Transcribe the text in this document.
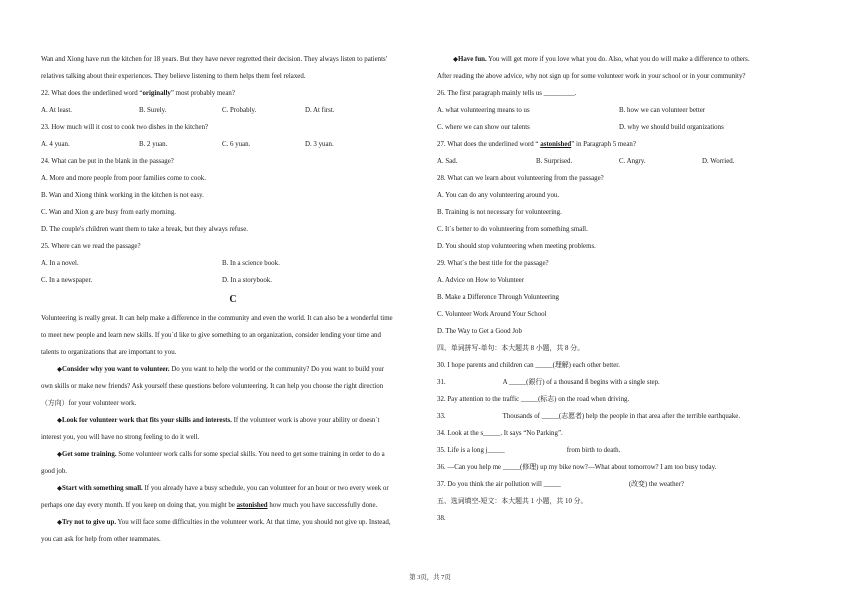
Wan and Xiong have run the kitchen for 18 years. But they have never regretted their decision. They always listen to patients'
relatives talking about their experiences. They believe listening to them helps them feel relaxed.
22. What does the underlined word “originally” most probably mean?
A. At least.	B. Surely.	C. Probably.	D. At first.
23. How much will it cost to cook two dishes in the kitchen?
A. 4 yuan.	B. 2 yuan.	C. 6 yuan.	D. 3 yuan.
24. What can be put in the blank in the passage?
A. More and more people from poor families come to cook.
B. Wan and Xiong think working in the kitchen is not easy.
C. Wan and Xion g are busy from early morning.
D. The couple's children want them to take a break, but they always refuse.
25. Where can we read the passage?
A. In a novel.	B. In a science book.
C. In a newspaper.	D. In a storybook.
C
Volunteering is really great. It can help make a difference in the community and even the world. It can also be a wonderful time
to meet new people and learn new skills. If you`d like to give something to an organization, consider lending your time and
talents to organizations that are important to you.
◆Consider why you want to volunteer. Do you want to help the world or the community? Do you want to build your
own skills or make new friends? Ask yourself these questions before volunteering. It can help you choose the right direction
（方向）for your volunteer work.
◆Look for volunteer work that fits your skills and interests. If the volunteer work is above your ability or doesn`t
interest you, you will have no strong feeling to do it well.
◆Get some training. Some volunteer work calls for some special skills. You need to get some training in order to do a
good job.
◆Start with something small. If you already have a busy schedule, you can volunteer for an hour or two every week or
perhaps one day every month. If you keep on doing that, you might be astonished how much you have successfully done.
◆Try not to give up. You will face some difficulties in the volunteer work. At that time, you should not give up. Instead,
you can ask for help from other teammates.
◆Have fun. You will get more if you love what you do. Also, what you do will make a difference to others.
After reading the above advice, why not sign up for some volunteer work in your school or in your community?
26. The first paragraph mainly tells us _________.
A. what volunteering means to us	B. how we can volunteer better
C. where we can show our talents	D. why we should build organizations
27. What does the underlined word “ astonished” in Paragraph 5 mean?
A. Sad.	B. Surprised.	C. Angry.	D. Worried.
28. What can we learn about volunteering from the passage?
A. You can do any volunteering around you.
B. Training is not necessary for volunteering.
C. It`s better to do volunteering from something small.
D. You should stop volunteering when meeting problems.
29. What`s the best title for the passage?
A. Advice on How to Volunteer
B. Make a Difference Through Volunteering
C. Volunteer Work Around Your School
D. The Way to Get a Good Job
四、单词拼写-单句：本大题共 8 小题，共 8 分。
30. I hope parents and children can _____(理解) each other better.
31.	A _____(銀行) of a thousand ß begins with a single step.
32. Pay attention to the traffic _____(标志) on the road when driving.
33.	Thousands of _____(志愿者) help the people in that area after the terrible earthquake.
34. Look at the s_____. It says “No Parking”.
35. Life is a long j_____	from birth to death.
36. —Can you help me _____(修理) up my bike now?—What about tomorrow? I am too busy today.
37. Do you think the air pollution will _____	(改变) the weather?
五、选词填空-短文：本大题共 1 小题，共 10 分。
38.
第 3页，共 7页
